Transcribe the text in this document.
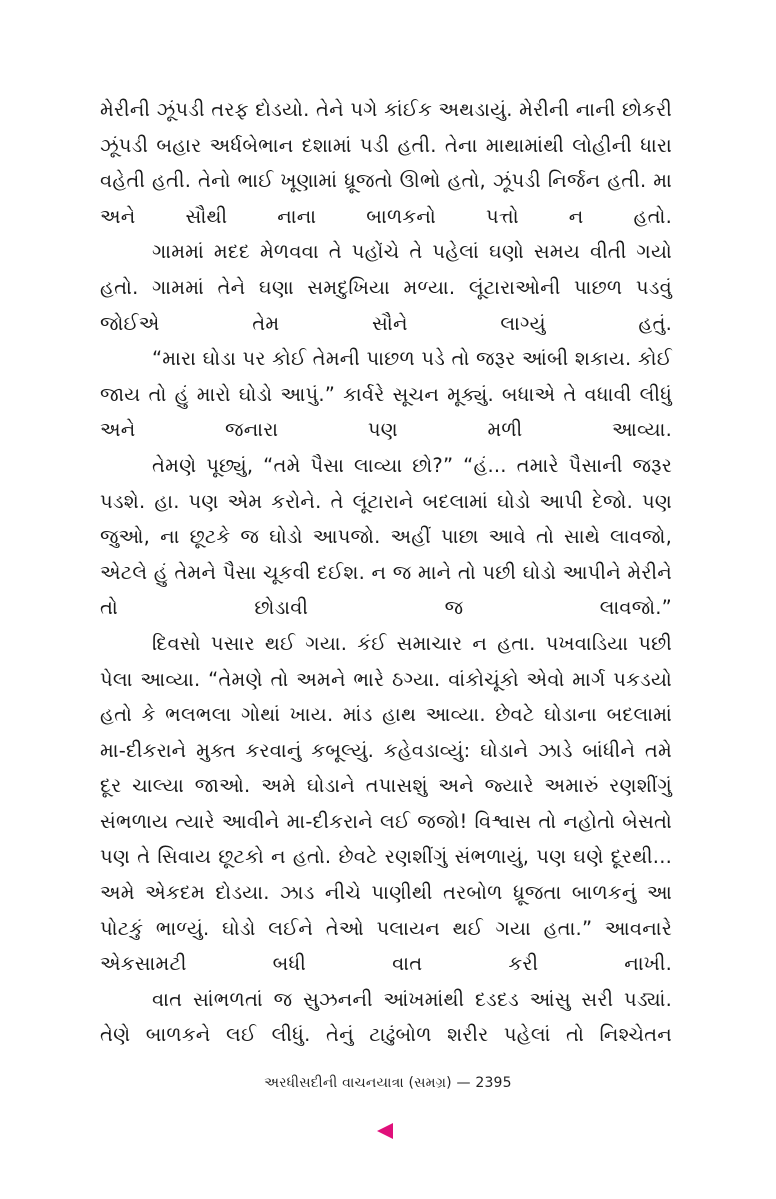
મેરીની ઝૂંપડી તરફ દોડયો. તેને પગે કાંઈક અથડાયું. મેરીની નાની છોકરી ઝૂંપડી બહાર અર્ધબેભાન દશામાં પડી હતી. તેના માથામાંથી લોહીની ધારા વહેતી હતી. તેનો ભાઈ ખૂણામાં ધ્રૂજતો ઊભો હતો, ઝૂંપડી નિર્જન હતી. મા અને સૌથી નાના બાળકનો પત્તો ન હતો.

ગામમાં મદદ મેળવવા તે પહોંચે તે પહેલાં ઘણો સમય વીતી ગયો હતો. ગામમાં તેને ઘણા સમદુખિયા મળ્યા. લૂંટારાઓની પાછળ પડવું જોઈએ તેમ સૌને લાગ્યું હતું.

“મારા ઘોડા પર કોઈ તેમની પાછળ પડે તો જરૂર આંબી શકાય. કોઈ જાય તો હું મારો ઘોડો આપું.” કાર્વરે સૂચન મૂક્યું. બધાએ તે વધાવી લીધું અને જનારા પણ મળી આવ્યા.

તેમણે પૂછ્યું, “તમે પૈસા લાવ્યા છો?” “હં... તમારે પૈસાની જરૂર પડશે. હા. પણ એમ કરોને. તે લૂંટારાને બદલામાં ઘોડો આપી દેજો. પણ જુઓ, ના છૂટકે જ ઘોડો આપજો. અહીં પાછા આવે તો સાથે લાવજો, એટલે હું તેમને પૈસા ચૂકવી દઈશ. ન જ માને તો પછી ઘોડો આપીને મેરીને તો છોડાવી જ લાવજો.”

દિવસો પસાર થઈ ગયા. કંઈ સમાચાર ન હતા. પખવાડિયા પછી પેલા આવ્યા. “તેમણે તો અમને ભારે ઠગ્યા. વાંકોચૂંકો એવો માર્ગ પકડયો હતો કે ભલભલા ગોથાં ખાય. માંડ હાથ આવ્યા. છેવટે ઘોડાના બદલામાં મા-દીકરાને મુક્ત કરવાનું કબૂલ્યું. કહેવડાવ્યું: ઘોડાને ઝાડે બાંધીને તમે દૂર ચાલ્યા જાઓ. અમે ઘોડાને તપાસશું અને જ્યારે અમારું રણશીંગું સંભળાય ત્યારે આવીને મા-દીકરાને લઈ જજો! વિશ્વાસ તો નહોતો બેસતો પણ તે સિવાય છૂટકો ન હતો. છેવટે રણશીંગું સંભળાયું, પણ ઘણે દૂરથી... અમે એકદમ દોડયા. ઝાડ નીચે પાણીથી તરબોળ ધ્રૂજતા બાળકનું આ પોટકું ભાળ્યું. ઘોડો લઈને તેઓ પલાયન થઈ ગયા હતા.” આવનારે એકસામટી બધી વાત કરી નાખી.

વાત સાંભળતાં જ સુઝનની આંખમાંથી દડદડ આંસુ સરી પડ્યાં. તેણે બાળકને લઈ લીધું. તેનું ટાઢુંબોળ શરીર પહેલાં તો નિશ્ચેતન

અરધીસદીની વાચનયાત્રા (સમગ્ર) — 2395
